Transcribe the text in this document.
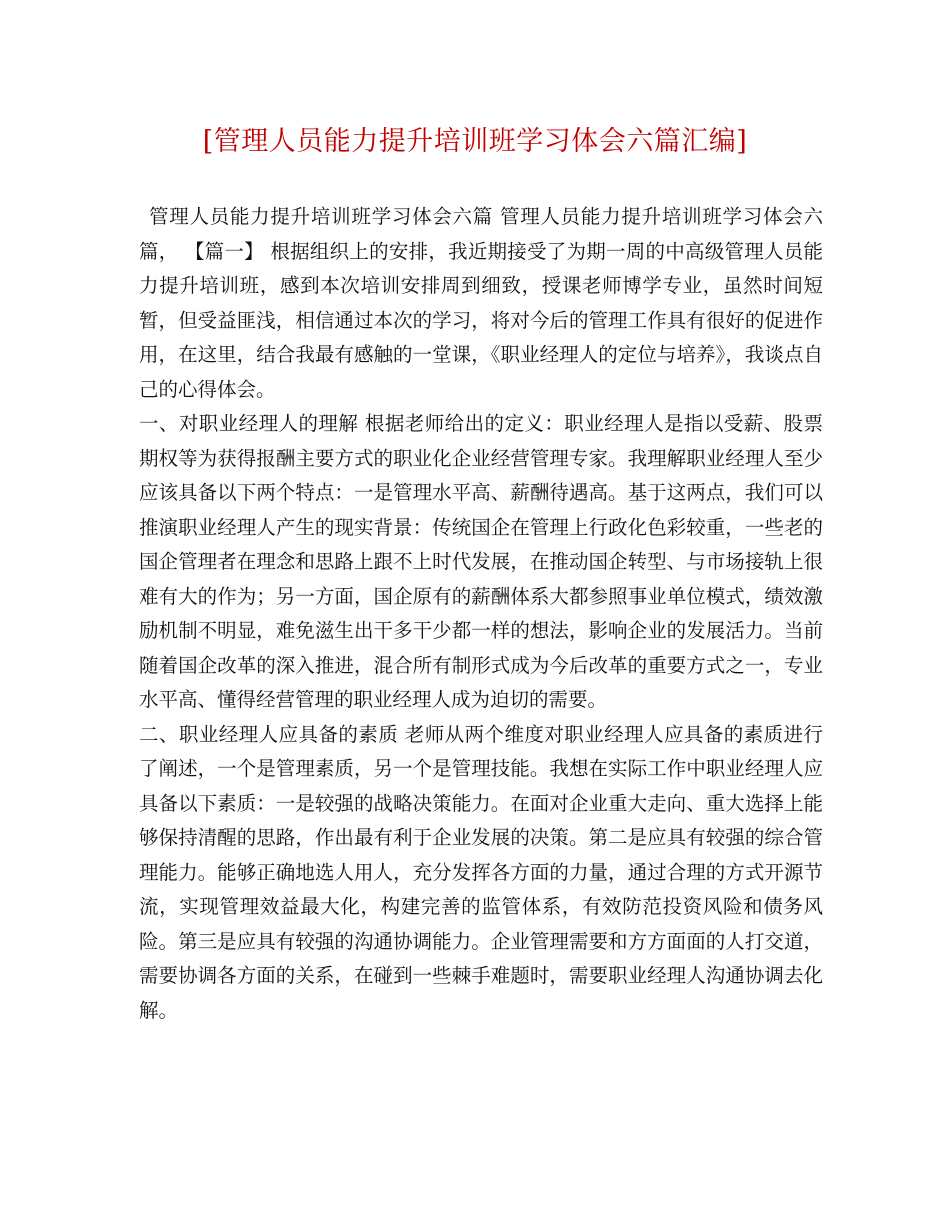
[管理人员能力提升培训班学习体会六篇汇编]

管理人员能力提升培训班学习体会六篇 管理人员能力提升培训班学习体会六篇， 【篇一】 根据组织上的安排，我近期接受了为期一周的中高级管理人员能力提升培训班，感到本次培训安排周到细致，授课老师博学专业，虽然时间短暂，但受益匪浅，相信通过本次的学习，将对今后的管理工作具有很好的促进作用，在这里，结合我最有感触的一堂课，《职业经理人的定位与培养》，我谈点自己的心得体会。

一、对职业经理人的理解 根据老师给出的定义：职业经理人是指以受薪、股票期权等为获得报酬主要方式的职业化企业经营管理专家。我理解职业经理人至少应该具备以下两个特点：一是管理水平高、薪酬待遇高。基于这两点，我们可以推演职业经理人产生的现实背景：传统国企在管理上行政化色彩较重，一些老的国企管理者在理念和思路上跟不上时代发展，在推动国企转型、与市场接轨上很难有大的作为；另一方面，国企原有的薪酬体系大都参照事业单位模式，绩效激励机制不明显，难免滋生出干多干少都一样的想法，影响企业的发展活力。当前随着国企改革的深入推进，混合所有制形式成为今后改革的重要方式之一，专业水平高、懂得经营管理的职业经理人成为迫切的需要。

二、职业经理人应具备的素质 老师从两个维度对职业经理人应具备的素质进行了阐述，一个是管理素质，另一个是管理技能。我想在实际工作中职业经理人应具备以下素质：一是较强的战略决策能力。在面对企业重大走向、重大选择上能够保持清醒的思路，作出最有利于企业发展的决策。第二是应具有较强的综合管理能力。能够正确地选人用人，充分发挥各方面的力量，通过合理的方式开源节流，实现管理效益最大化，构建完善的监管体系，有效防范投资风险和债务风险。第三是应具有较强的沟通协调能力。企业管理需要和方方面面的人打交道，需要协调各方面的关系，在碰到一些棘手难题时，需要职业经理人沟通协调去化解。
